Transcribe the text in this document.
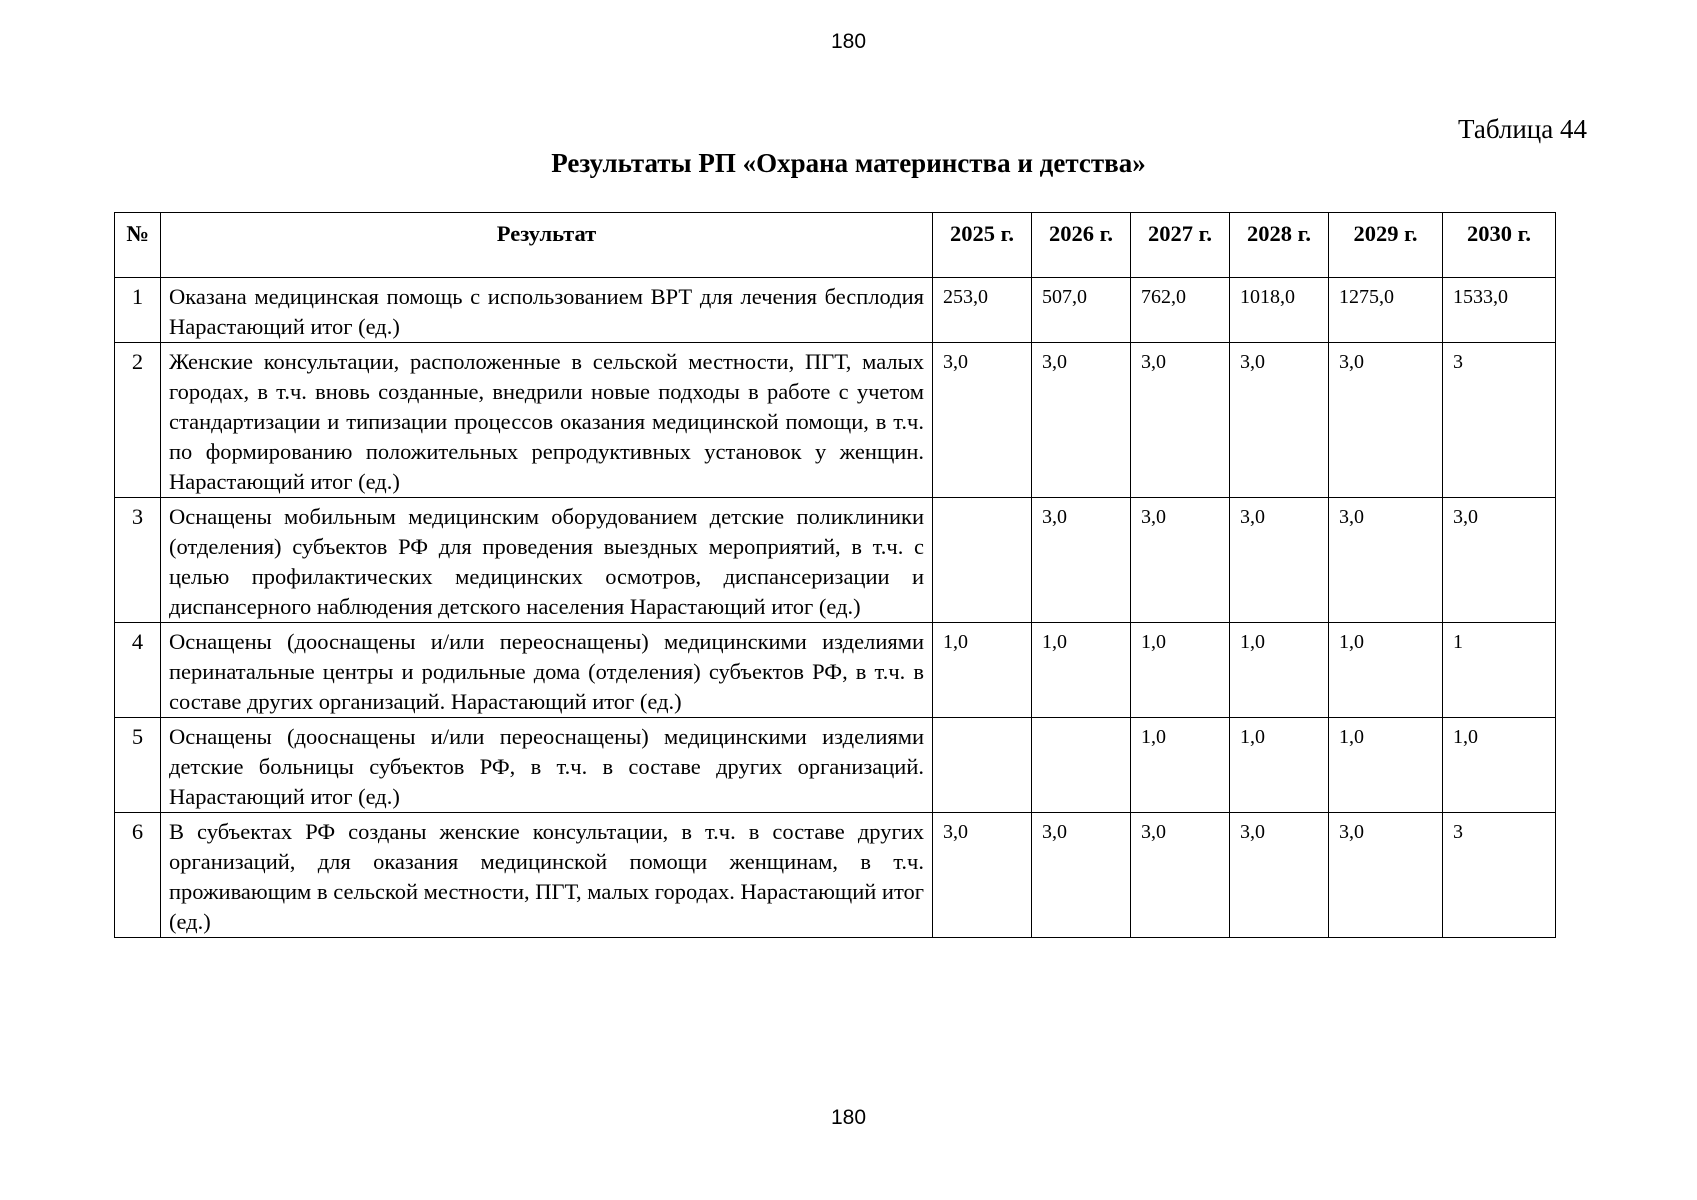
180
Таблица 44
Результаты РП «Охрана материнства и детства»
№	Результат	2025 г.	2026 г.	2027 г.	2028 г.	2029 г.	2030 г.
1	Оказана медицинская помощь с использованием ВРТ для лечения бесплодия Нарастающий итог (ед.)	253,0	507,0	762,0	1018,0	1275,0	1533,0
2	Женские консультации, расположенные в сельской местности, ПГТ, малых городах, в т.ч. вновь созданные, внедрили новые подходы в работе с учетом стандартизации и типизации процессов оказания медицинской помощи, в т.ч. по формированию положительных репродуктивных установок у женщин. Нарастающий итог (ед.)	3,0	3,0	3,0	3,0	3,0	3
3	Оснащены мобильным медицинским оборудованием детские поликлиники (отделения) субъектов РФ для проведения выездных мероприятий, в т.ч. с целью профилактических медицинских осмотров, диспансеризации и диспансерного наблюдения детского населения Нарастающий итог (ед.)		3,0	3,0	3,0	3,0	3,0
4	Оснащены (дооснащены и/или переоснащены) медицинскими изделиями перинатальные центры и родильные дома (отделения) субъектов РФ, в т.ч. в составе других организаций. Нарастающий итог (ед.)	1,0	1,0	1,0	1,0	1,0	1
5	Оснащены (дооснащены и/или переоснащены) медицинскими изделиями детские больницы субъектов РФ, в т.ч. в составе других организаций. Нарастающий итог (ед.)			1,0	1,0	1,0	1,0
6	В субъектах РФ созданы женские консультации, в т.ч. в составе других организаций, для оказания медицинской помощи женщинам, в т.ч. проживающим в сельской местности, ПГТ, малых городах. Нарастающий итог (ед.)	3,0	3,0	3,0	3,0	3,0	3
180
